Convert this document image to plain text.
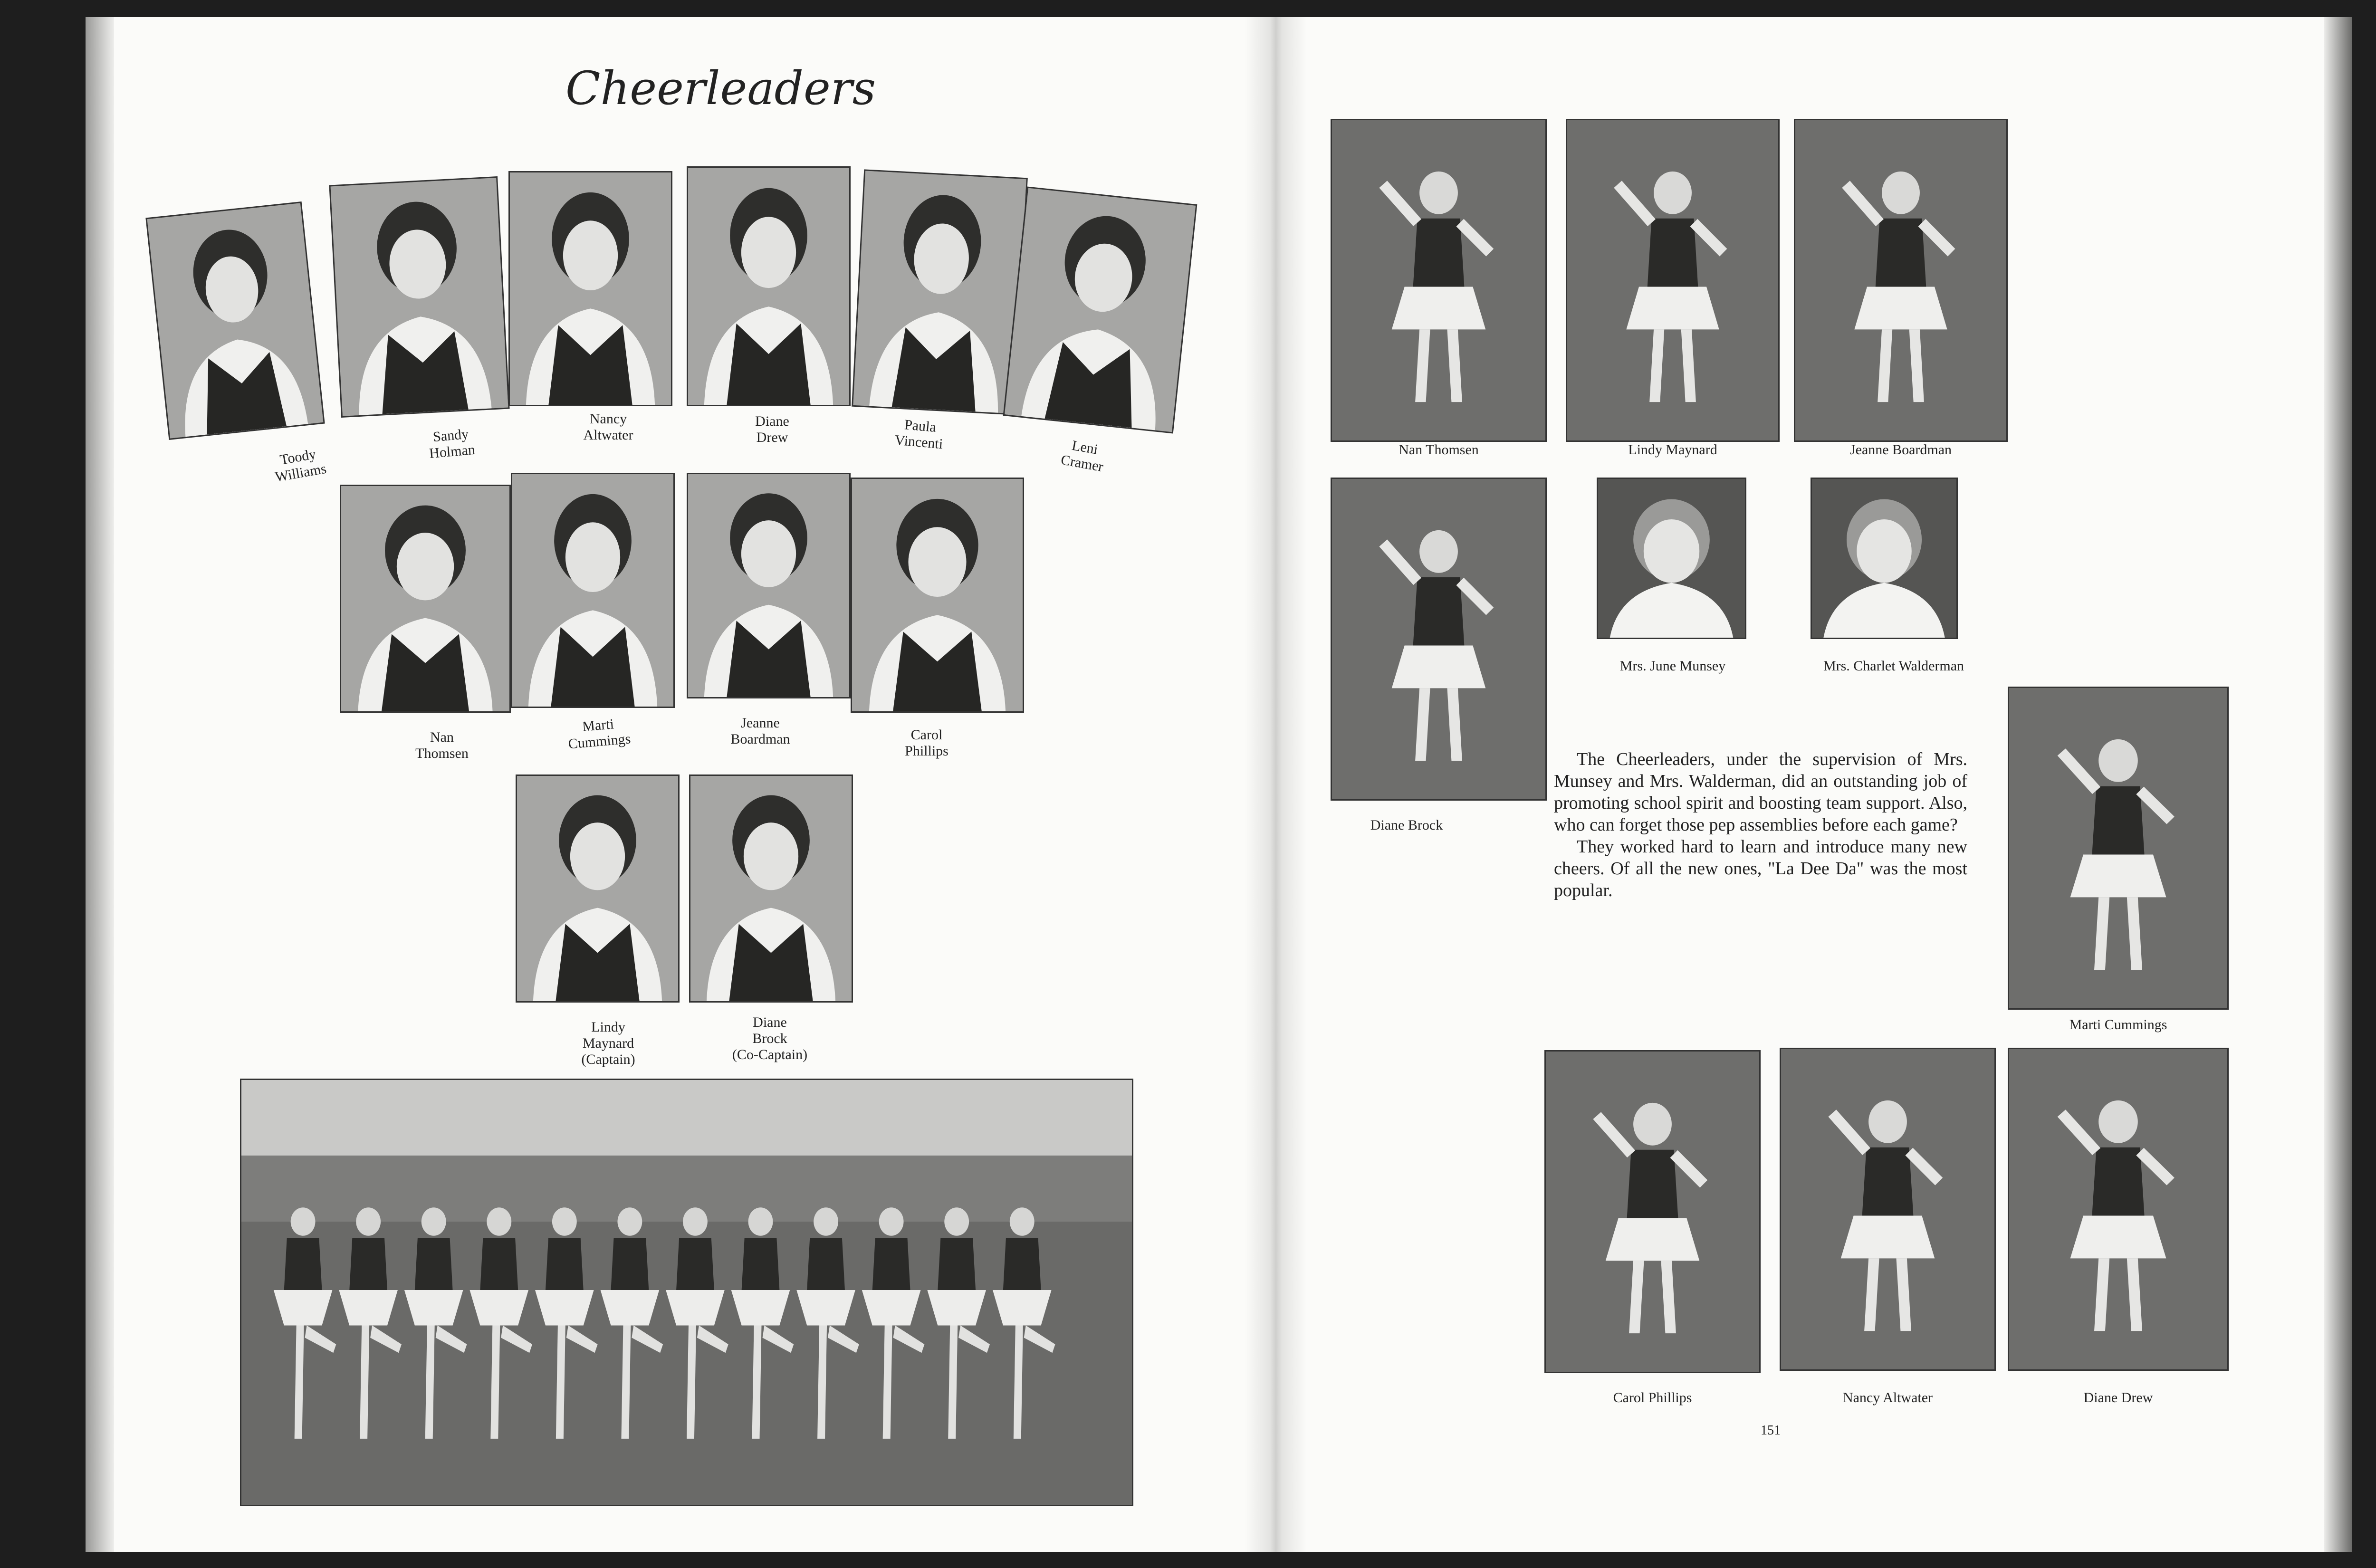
Cheerleaders
Toody
Williams
Sandy
Holman
Nancy
Altwater
Diane
Drew
Paula
Vincenti	Leni
Cramer
Nan
Thomsen
Marti
Cummings
Jeanne
Boardman	Carol
Phillips
Lindy
Maynard
(Captain)
Diane
Brock
(Co-Captain)
Nan Thomsen	Lindy Maynard	Jeanne Boardman
Diane Brock
Mrs. June Munsey	Mrs. Charlet Walderman

The Cheerleaders, under the supervision of Mrs. Munsey and Mrs. Walderman, did an outstanding job of promoting school spirit and boosting team support. Also, who can forget those pep assemblies before each game?

They worked hard to learn and introduce many new cheers. Of all the new ones, "La Dee Da" was the most popular.

Marti Cummings
Carol Phillips	Nancy Altwater	Diane Drew
151
